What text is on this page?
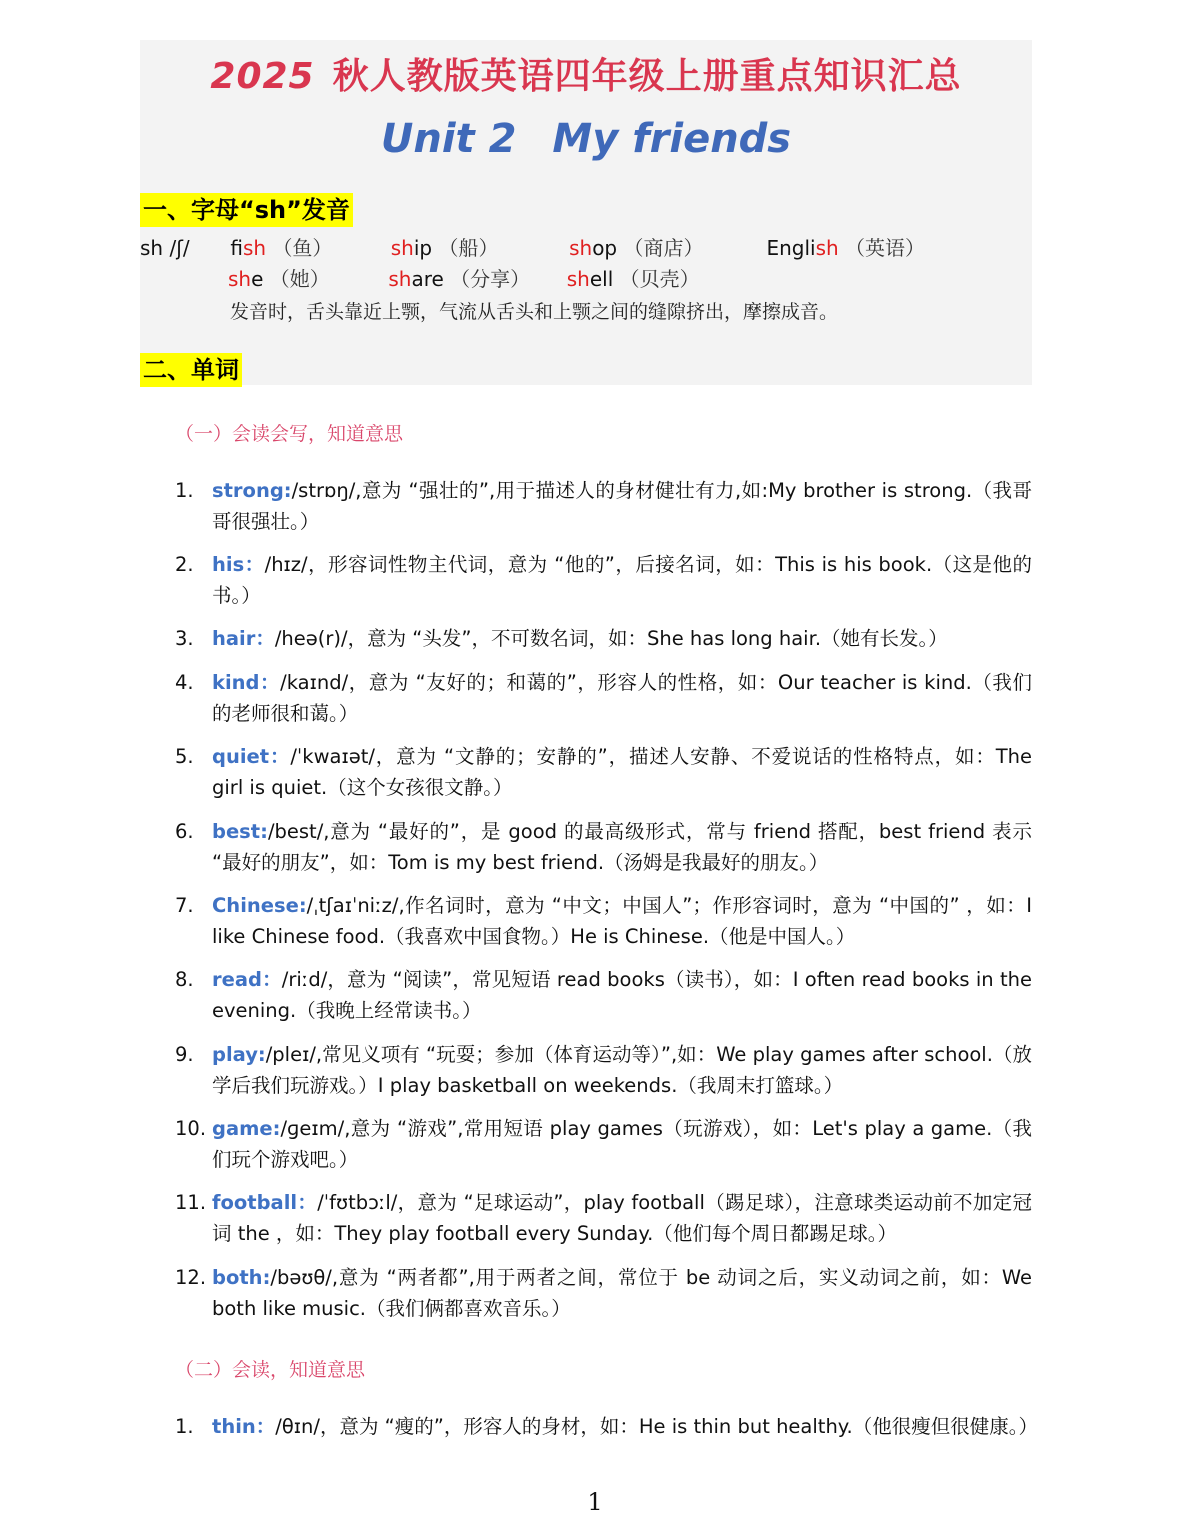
2025 秋人教版英语四年级上册重点知识汇总
Unit 2 My friends
一、字母“sh”发音
sh /ʃ/ fish （鱼）	ship （船）	shop （商店）	English （英语）
she （她）	share （分享） shell （贝壳）
发音时，舌头靠近上颚，气流从舌头和上颚之间的缝隙挤出，摩擦成音。
二、单词
（一）会读会写，知道意思
1. strong:/strɒŋ/,意为 “强壮的”,用于描述人的身材健壮有力,如:My brother is strong.（我哥哥很强壮。）
2. his：/hɪz/，形容词性物主代词，意为 “他的”，后接名词，如：This is his book.（这是他的书。）
3. hair：/heə(r)/，意为 “头发”，不可数名词，如：She has long hair.（她有长发。）
4. kind：/kaɪnd/，意为 “友好的；和蔼的”，形容人的性格，如：Our teacher is kind.（我们的老师很和蔼。）
5. quiet：/ˈkwaɪət/，意为 “文静的；安静的”，描述人安静、不爱说话的性格特点，如：The girl is quiet.（这个女孩很文静。）
6. best:/best/,意为 “最好的”，是 good 的最高级形式，常与 friend 搭配，best friend 表示 “最好的朋友”，如：Tom is my best friend.（汤姆是我最好的朋友。）
7. Chinese:/ˌtʃaɪˈniːz/,作名词时，意为 “中文；中国人”；作形容词时，意为 “中国的” ，如：I like Chinese food.（我喜欢中国食物。）He is Chinese.（他是中国人。）
8. read：/riːd/，意为 “阅读”，常见短语 read books（读书），如：I often read books in the evening.（我晚上经常读书。）
9. play:/pleɪ/,常见义项有 “玩耍；参加（体育运动等）”,如：We play games after school.（放学后我们玩游戏。）I play basketball on weekends.（我周末打篮球。）
10. game:/ɡeɪm/,意为 “游戏”,常用短语 play games（玩游戏），如：Let's play a game.（我们玩个游戏吧。）
11. football：/ˈfʊtbɔːl/，意为 “足球运动”，play football（踢足球），注意球类运动前不加定冠词 the ，如：They play football every Sunday.（他们每个周日都踢足球。）
12. both:/bəʊθ/,意为 “两者都”,用于两者之间，常位于 be 动词之后，实义动词之前，如：We both like music.（我们俩都喜欢音乐。）
（二）会读，知道意思
1. thin：/θɪn/，意为 “瘦的”，形容人的身材，如：He is thin but healthy.（他很瘦但很健康。）
1
